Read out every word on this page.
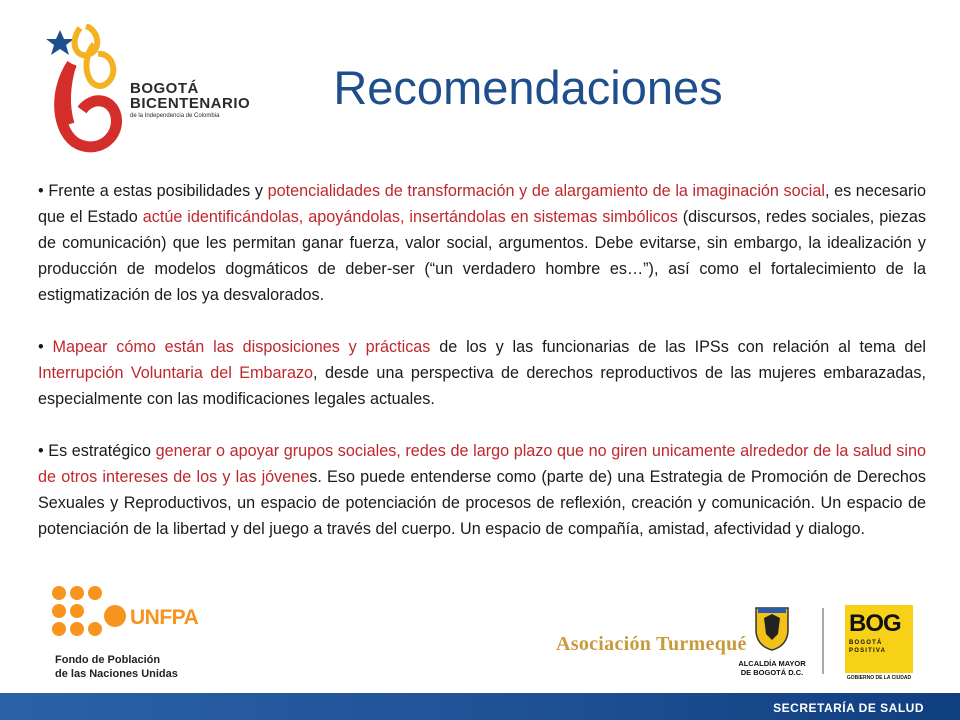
BOGOTÁ
BICENTENARIO
de la Independencia de Colombia
Recomendaciones

• Frente a estas posibilidades y potencialidades de transformación y de alargamiento de la imaginación social, es necesario que el Estado actúe identificándolas, apoyándolas, insertándolas en sistemas simbólicos (discursos, redes sociales, piezas de comunicación) que les permitan ganar fuerza, valor social, argumentos. Debe evitarse, sin embargo, la idealización y producción de modelos dogmáticos de deber-ser (“un verdadero hombre es…”), así como el fortalecimiento de la estigmatización de los ya desvalorados.

• Mapear cómo están las disposiciones y prácticas de los y las funcionarias de las IPSs con relación al tema del Interrupción Voluntaria del Embarazo, desde una perspectiva de derechos reproductivos de las mujeres embarazadas, especialmente con las modificaciones legales actuales.

• Es estratégico generar o apoyar grupos sociales, redes de largo plazo que no giren unicamente alrededor de la salud sino de otros intereses de los y las jóvenes. Eso puede entenderse como (parte de) una Estrategia de Promoción de Derechos Sexuales y Reproductivos, un espacio de potenciación de procesos de reflexión, creación y comunicación. Un espacio de potenciación de la libertad y del juego a través del cuerpo. Un espacio de compañía, amistad, afectividad y dialogo.

UNFPA
Fondo de Población
de las Naciones Unidas
Asociación Turmequé
ALCALDÍA MAYOR
DE BOGOTÁ D.C.
BOG
BOGOTÁ
POSITIVA
GOBIERNO DE LA CIUDAD
SECRETARÍA DE SALUD
